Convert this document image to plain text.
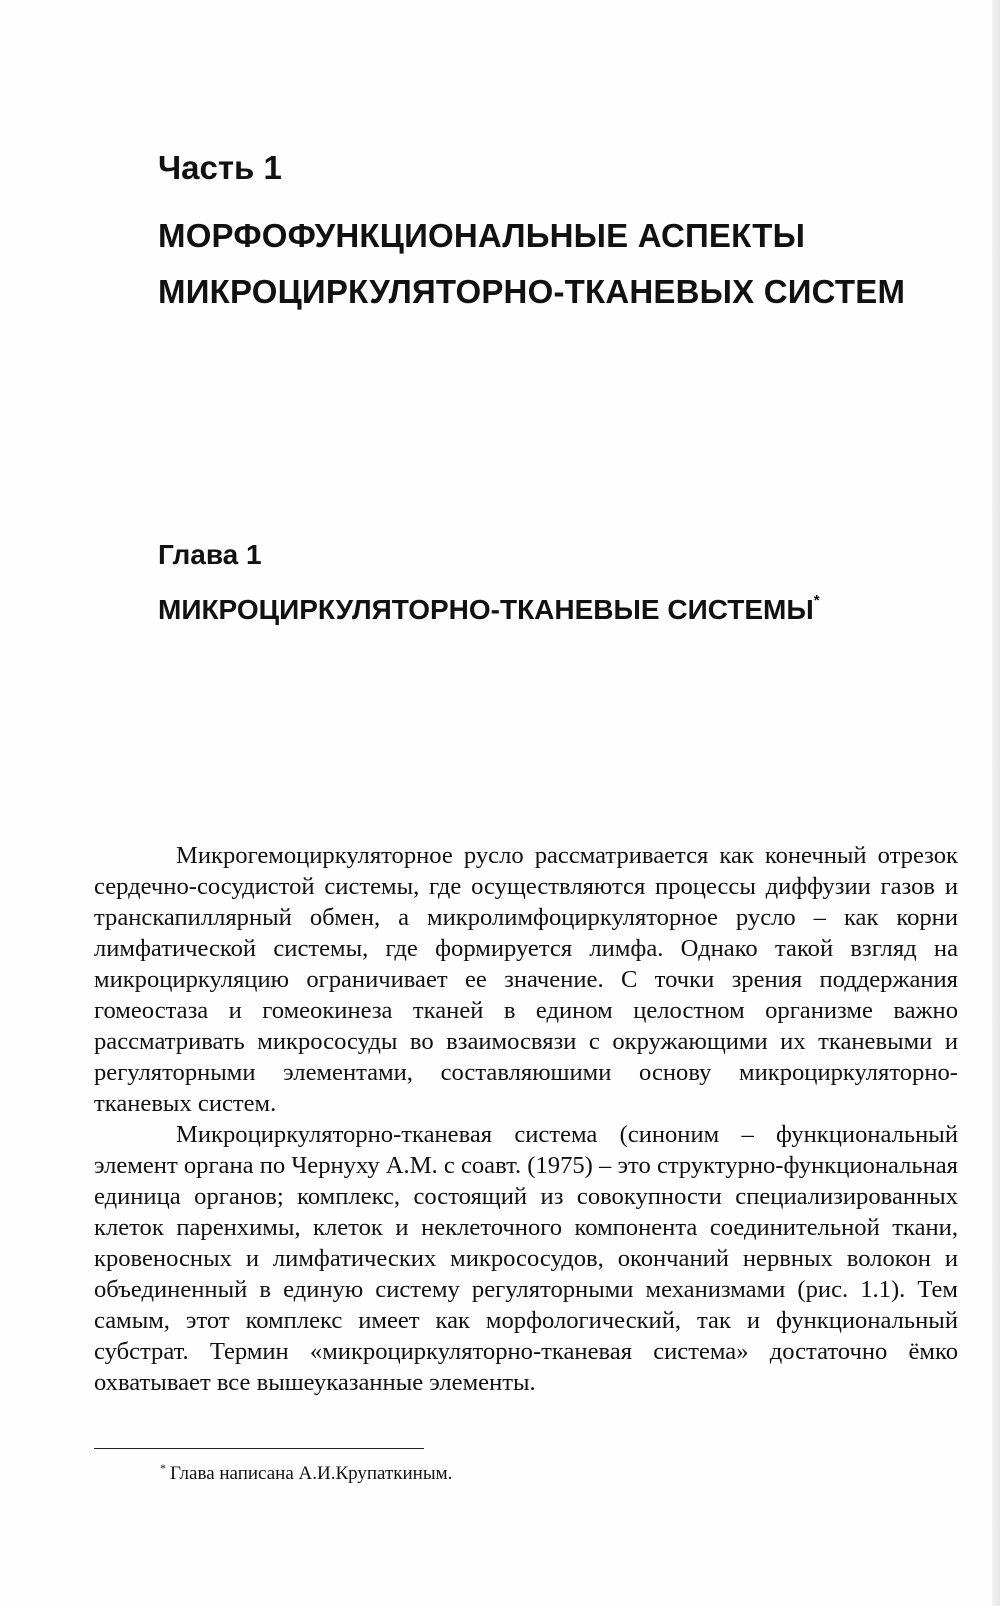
Часть 1
МОРФОФУНКЦИОНАЛЬНЫЕ АСПЕКТЫ МИКРОЦИРКУЛЯТОРНО-ТКАНЕВЫХ СИСТЕМ
Глава 1
МИКРОЦИРКУЛЯТОРНО-ТКАНЕВЫЕ СИСТЕМЫ*

Микрогемоциркуляторное русло рассматривается как конечный отрезок сердечно-сосудистой системы, где осуществляются процессы диффузии газов и транскапиллярный обмен, а микролимфоциркуляторное русло – как корни лимфатической системы, где формируется лимфа. Однако такой взгляд на микроциркуляцию ограничивает ее значение. С точки зрения поддержания гомеостаза и гомеокинеза тканей в едином целостном организме важно рассматривать микрососуды во взаимосвязи с окружающими их тканевыми и регуляторными элементами, составляюшими основу микроциркуляторно-тканевых систем.

Микроциркуляторно-тканевая система (синоним – функциональный элемент органа по Чернуху А.М. с соавт. (1975) – это структурно-функциональная единица органов; комплекс, состоящий из совокупности специализированных клеток паренхимы, клеток и неклеточного компонента соединительной ткани, кровеносных и лимфатических микрососудов, окончаний нервных волокон и объединенный в единую систему регуляторными механизмами (рис. 1.1). Тем самым, этот комплекс имеет как морфологический, так и функциональный субстрат. Термин «микроциркуляторно-тканевая система» достаточно ёмко охватывает все вышеуказанные элементы.

* Глава написана А.И.Крупаткиным.
